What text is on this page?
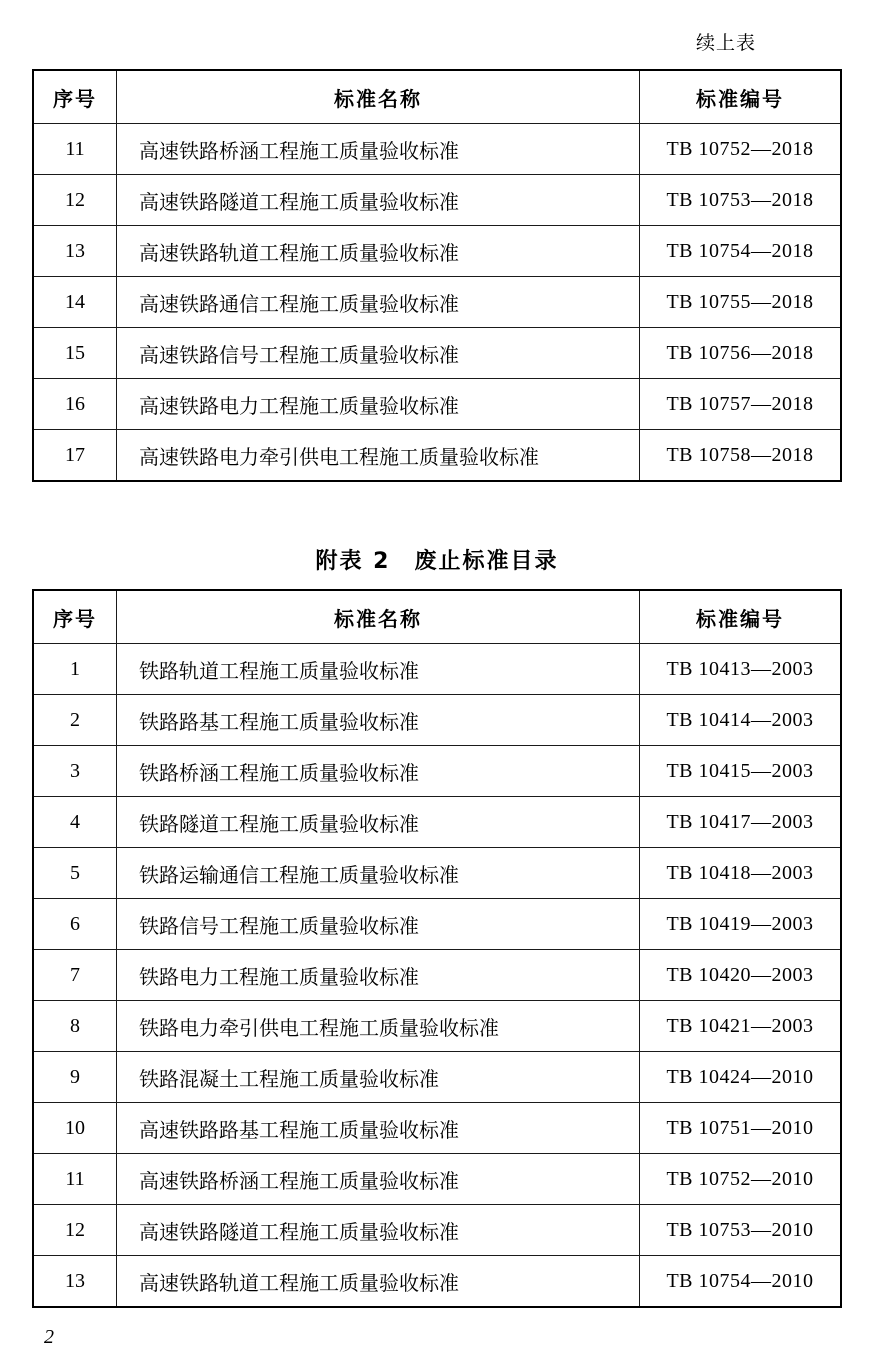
续上表
序号	标准名称	标准编号
11	高速铁路桥涵工程施工质量验收标准	TB 10752—2018
12	高速铁路隧道工程施工质量验收标准	TB 10753—2018
13	高速铁路轨道工程施工质量验收标准	TB 10754—2018
14	高速铁路通信工程施工质量验收标准	TB 10755—2018
15	高速铁路信号工程施工质量验收标准	TB 10756—2018
16	高速铁路电力工程施工质量验收标准	TB 10757—2018
17	高速铁路电力牵引供电工程施工质量验收标准	TB 10758—2018
附表 2 废止标准目录
序号	标准名称	标准编号
1	铁路轨道工程施工质量验收标准	TB 10413—2003
2	铁路路基工程施工质量验收标准	TB 10414—2003
3	铁路桥涵工程施工质量验收标准	TB 10415—2003
4	铁路隧道工程施工质量验收标准	TB 10417—2003
5	铁路运输通信工程施工质量验收标准	TB 10418—2003
6	铁路信号工程施工质量验收标准	TB 10419—2003
7	铁路电力工程施工质量验收标准	TB 10420—2003
8	铁路电力牵引供电工程施工质量验收标准	TB 10421—2003
9	铁路混凝土工程施工质量验收标准	TB 10424—2010
10	高速铁路路基工程施工质量验收标准	TB 10751—2010
11	高速铁路桥涵工程施工质量验收标准	TB 10752—2010
12	高速铁路隧道工程施工质量验收标准	TB 10753—2010
13	高速铁路轨道工程施工质量验收标准	TB 10754—2010
2
